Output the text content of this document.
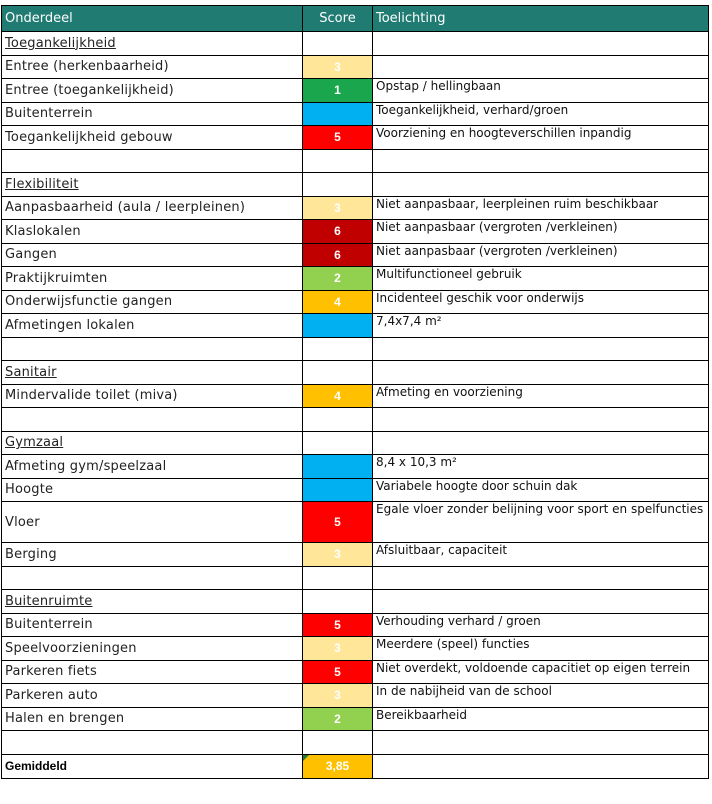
Onderdeel	Score	Toelichting
Toegankelijkheid		
Entree (herkenbaarheid)	3	
Entree (toegankelijkheid)	1	Opstap / hellingbaan
Buitenterrein		Toegankelijkheid, verhard/groen
Toegankelijkheid gebouw	5	Voorziening en hoogteverschillen inpandig

Flexibiliteit		
Aanpasbaarheid (aula / leerpleinen)	3	Niet aanpasbaar, leerpleinen ruim beschikbaar
Klaslokalen	6	Niet aanpasbaar (vergroten /verkleinen)
Gangen	6	Niet aanpasbaar (vergroten /verkleinen)
Praktijkruimten	2	Multifunctioneel gebruik
Onderwijsfunctie gangen	4	Incidenteel geschik voor onderwijs
Afmetingen lokalen		7,4x7,4 m²

Sanitair		
Mindervalide toilet (miva)	4	Afmeting en voorziening

Gymzaal		
Afmeting gym/speelzaal		8,4 x 10,3 m²
Hoogte		Variabele hoogte door schuin dak
Vloer	5	Egale vloer zonder belijning voor sport en spelfuncties
Berging	3	Afsluitbaar, capaciteit

Buitenruimte		
Buitenterrein	5	Verhouding verhard / groen
Speelvoorzieningen	3	Meerdere (speel) functies
Parkeren fiets	5	Niet overdekt, voldoende capacitiet op eigen terrein
Parkeren auto	3	In de nabijheid van de school
Halen en brengen	2	Bereikbaarheid

Gemiddeld	3,85	
